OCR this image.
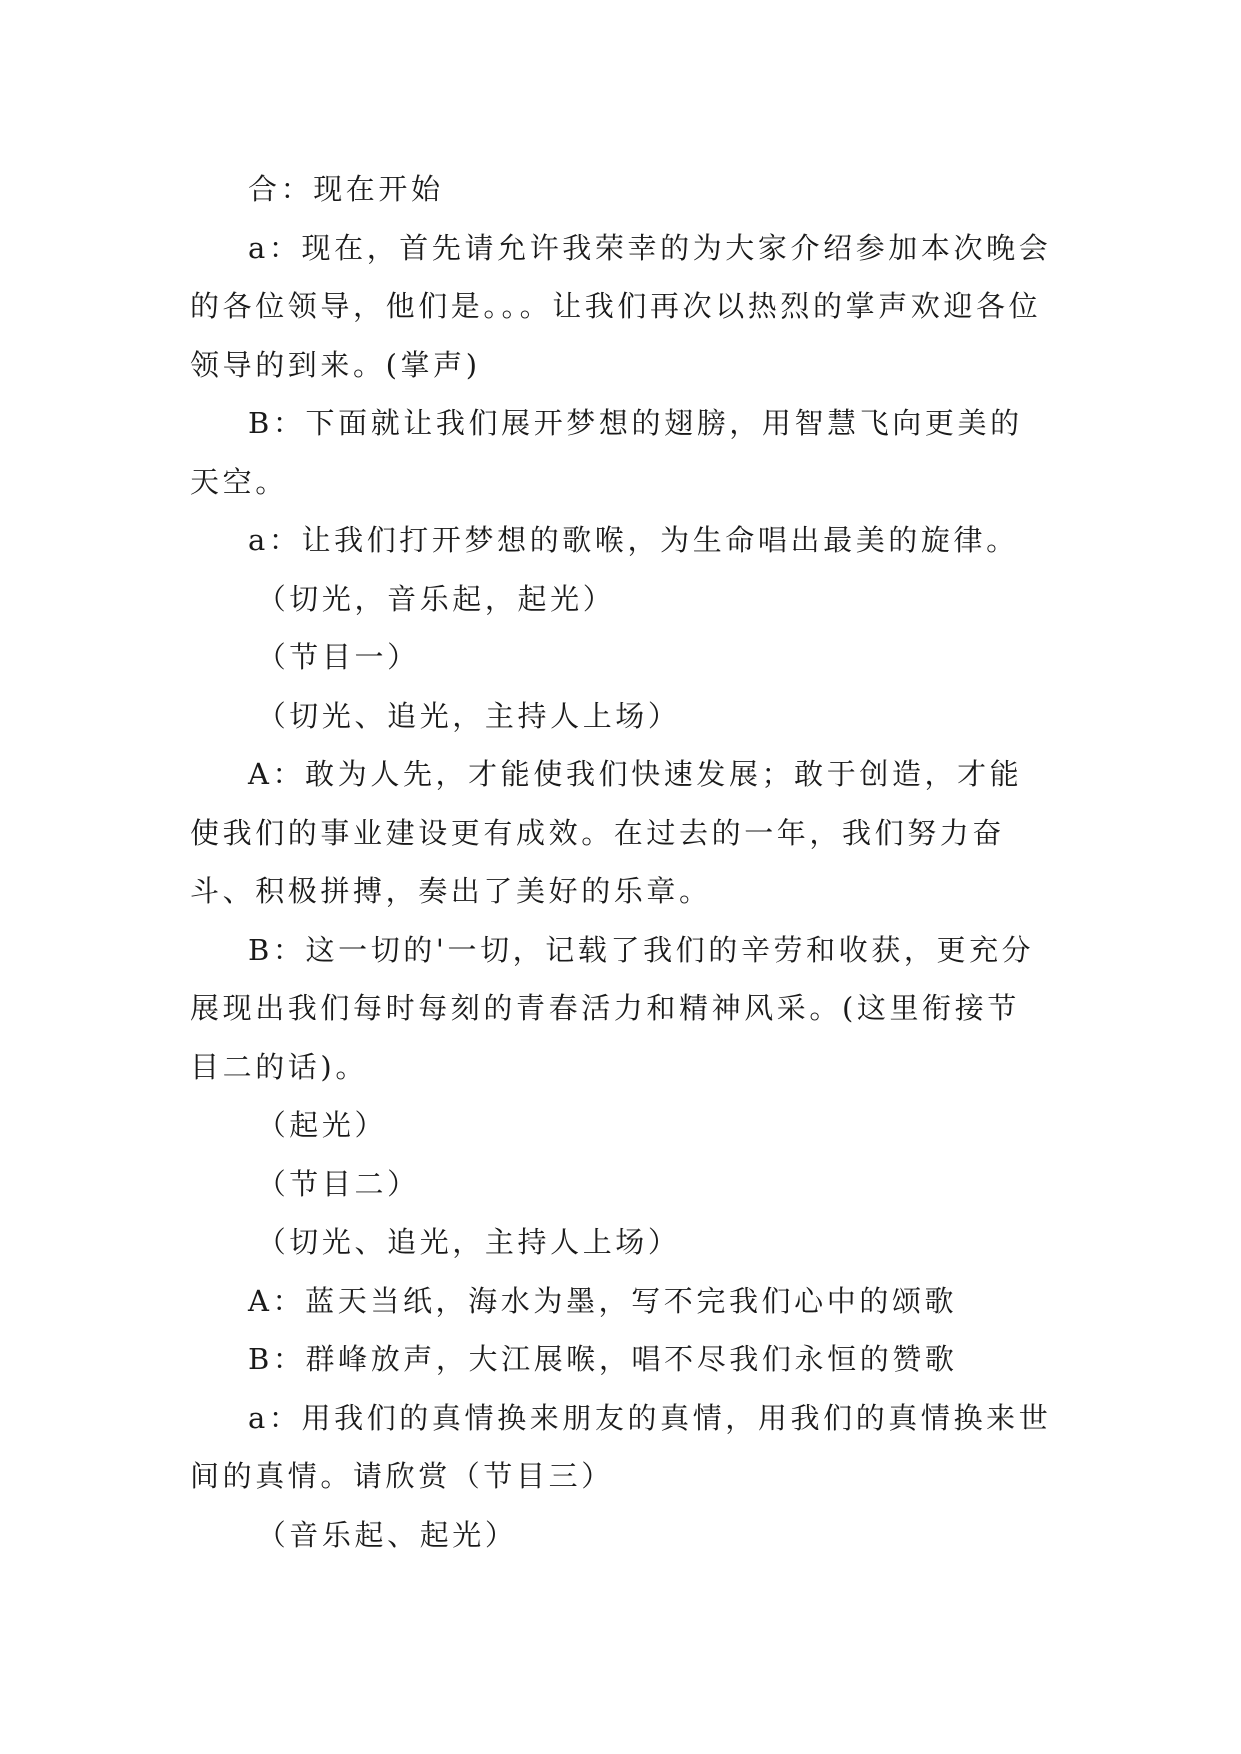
合：现在开始

a：现在，首先请允许我荣幸的为大家介绍参加本次晚会的各位领导，他们是。。。让我们再次以热烈的掌声欢迎各位领导的到来。(掌声)

B：下面就让我们展开梦想的翅膀，用智慧飞向更美的天空。

a：让我们打开梦想的歌喉，为生命唱出最美的旋律。

（切光，音乐起，起光）

（节目一）

（切光、追光，主持人上场）

A：敢为人先，才能使我们快速发展；敢于创造，才能使我们的事业建设更有成效。在过去的一年，我们努力奋斗、积极拼搏，奏出了美好的乐章。

B：这一切的'一切，记载了我们的辛劳和收获，更充分展现出我们每时每刻的青春活力和精神风采。(这里衔接节目二的话)。

（起光）

（节目二）

（切光、追光，主持人上场）

A：蓝天当纸，海水为墨，写不完我们心中的颂歌

B：群峰放声，大江展喉，唱不尽我们永恒的赞歌

a：用我们的真情换来朋友的真情，用我们的真情换来世间的真情。请欣赏（节目三）

（音乐起、起光）
